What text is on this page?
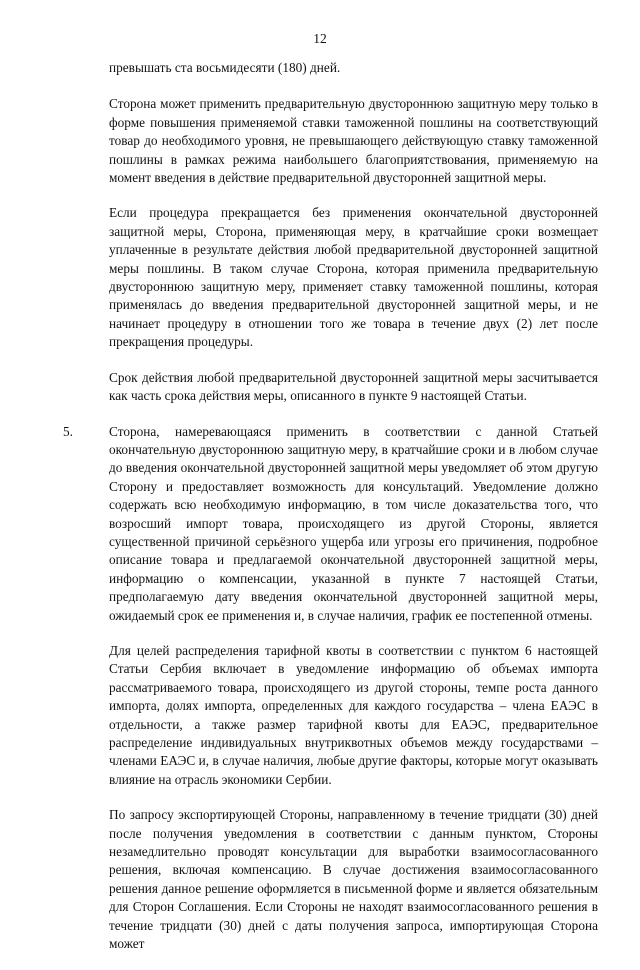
12

превышать ста восьмидесяти (180) дней.

Сторона может применить предварительную двустороннюю защитную меру только в форме повышения применяемой ставки таможенной пошлины на соответствующий товар до необходимого уровня, не превышающего действующую ставку таможенной пошлины в рамках режима наибольшего благоприятствования, применяемую на момент введения в действие предварительной двусторонней защитной меры.

Если процедура прекращается без применения окончательной двусторонней защитной меры, Сторона, применяющая меру, в кратчайшие сроки возмещает уплаченные в результате действия любой предварительной двусторонней защитной меры пошлины. В таком случае Сторона, которая применила предварительную двустороннюю защитную меру, применяет ставку таможенной пошлины, которая применялась до введения предварительной двусторонней защитной меры, и не начинает процедуру в отношении того же товара в течение двух (2) лет после прекращения процедуры.

Срок действия любой предварительной двусторонней защитной меры засчитывается как часть срока действия меры, описанного в пункте 9 настоящей Статьи.

5.	Сторона, намеревающаяся применить в соответствии с данной Статьей окончательную двустороннюю защитную меру, в кратчайшие сроки и в любом случае до введения окончательной двусторонней защитной меры уведомляет об этом другую Сторону и предоставляет возможность для консультаций. Уведомление должно содержать всю необходимую информацию, в том числе доказательства того, что возросший импорт товара, происходящего из другой Стороны, является существенной причиной серьёзного ущерба или угрозы его причинения, подробное описание товара и предлагаемой окончательной двусторонней защитной меры, информацию о компенсации, указанной в пункте 7 настоящей Статьи, предполагаемую дату введения окончательной двусторонней защитной меры, ожидаемый срок ее применения и, в случае наличия, график ее постепенной отмены.

Для целей распределения тарифной квоты в соответствии с пунктом 6 настоящей Статьи Сербия включает в уведомление информацию об объемах импорта рассматриваемого товара, происходящего из другой стороны, темпе роста данного импорта, долях импорта, определенных для каждого государства – члена ЕАЭС в отдельности, а также размер тарифной квоты для ЕАЭС, предварительное распределение индивидуальных внутриквотных объемов между государствами – членами ЕАЭС и, в случае наличия, любые другие факторы, которые могут оказывать влияние на отрасль экономики Сербии.

По запросу экспортирующей Стороны, направленному в течение тридцати (30) дней после получения уведомления в соответствии с данным пунктом, Стороны незамедлительно проводят консультации для выработки взаимосогласованного решения, включая компенсацию. В случае достижения взаимосогласованного решения данное решение оформляется в письменной форме и является обязательным для Сторон Соглашения. Если Стороны не находят взаимосогласованного решения в течение тридцати (30) дней с даты получения запроса, импортирующая Сторона может
